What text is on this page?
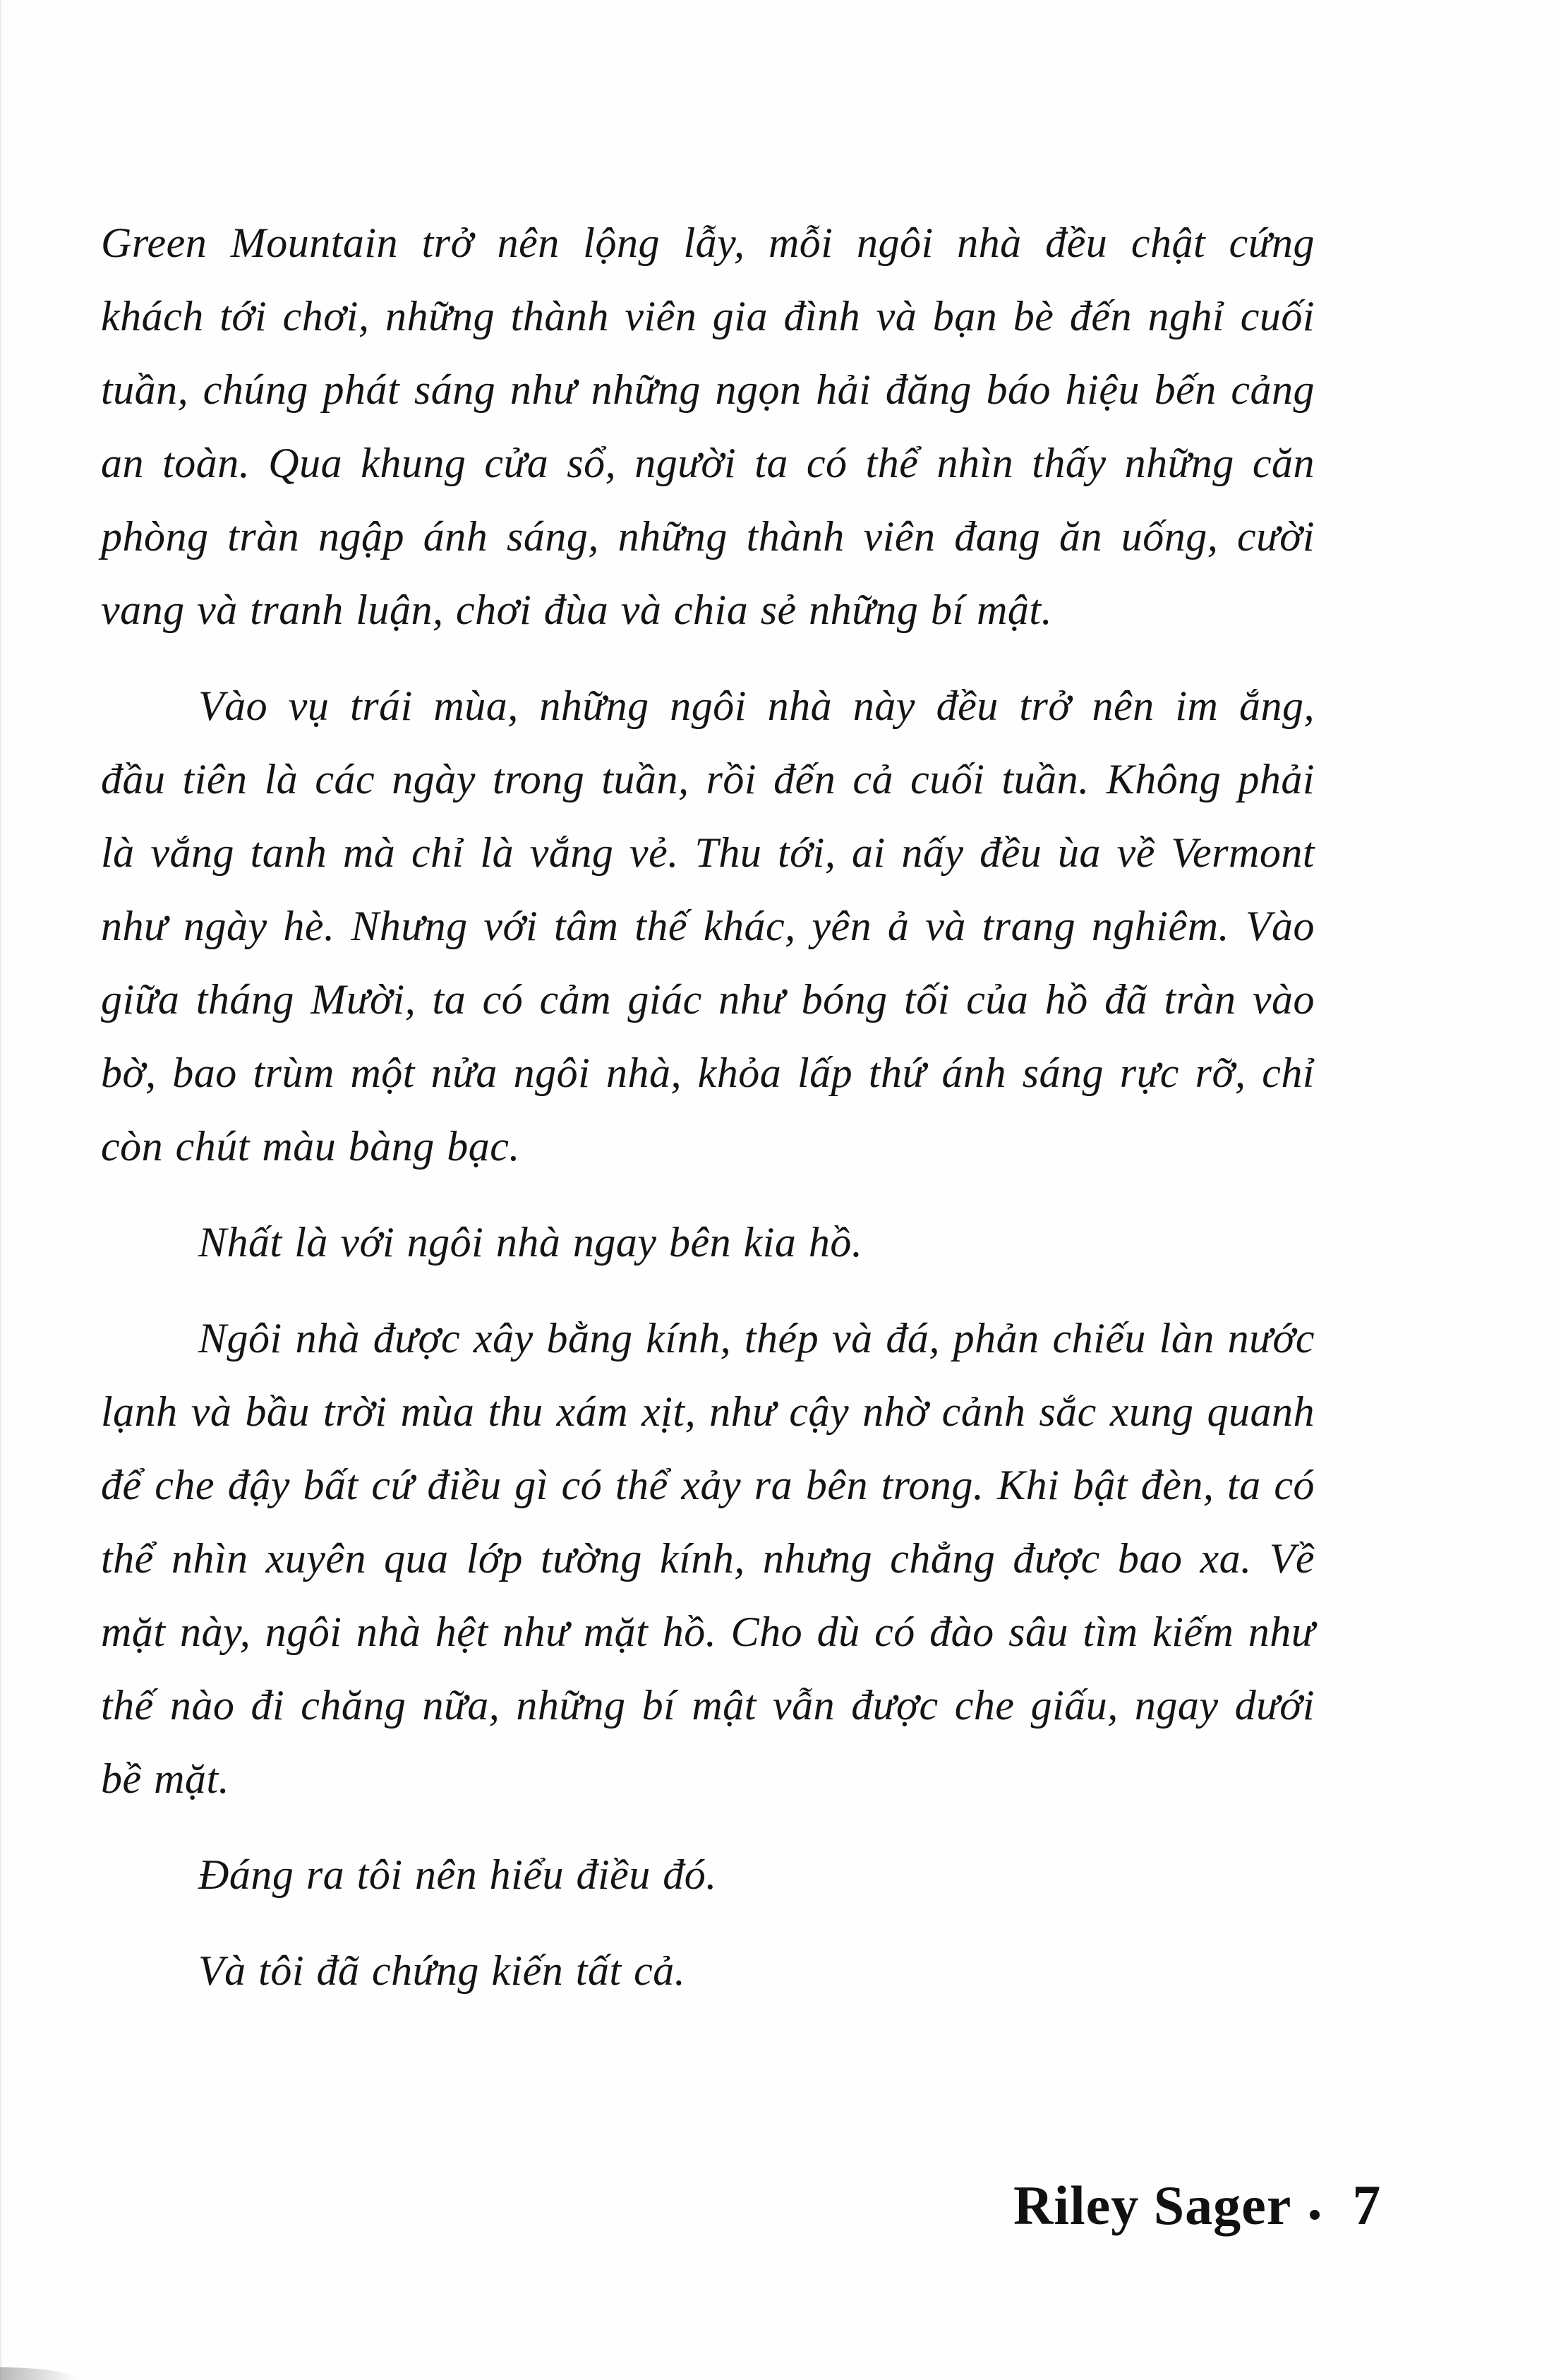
Green Mountain trở nên lộng lẫy, mỗi ngôi nhà đều chật cứng
khách tới chơi, những thành viên gia đình và bạn bè đến nghỉ cuối
tuần, chúng phát sáng như những ngọn hải đăng báo hiệu bến cảng
an toàn. Qua khung cửa sổ, người ta có thể nhìn thấy những căn
phòng tràn ngập ánh sáng, những thành viên đang ăn uống, cười
vang và tranh luận, chơi đùa và chia sẻ những bí mật.

Vào vụ trái mùa, những ngôi nhà này đều trở nên im ắng,
đầu tiên là các ngày trong tuần, rồi đến cả cuối tuần. Không phải
là vắng tanh mà chỉ là vắng vẻ. Thu tới, ai nấy đều ùa về Vermont
như ngày hè. Nhưng với tâm thế khác, yên ả và trang nghiêm. Vào
giữa tháng Mười, ta có cảm giác như bóng tối của hồ đã tràn vào
bờ, bao trùm một nửa ngôi nhà, khỏa lấp thứ ánh sáng rực rỡ, chỉ
còn chút màu bàng bạc.

Nhất là với ngôi nhà ngay bên kia hồ.

Ngôi nhà được xây bằng kính, thép và đá, phản chiếu làn nước
lạnh và bầu trời mùa thu xám xịt, như cậy nhờ cảnh sắc xung quanh
để che đậy bất cứ điều gì có thể xảy ra bên trong. Khi bật đèn, ta có
thể nhìn xuyên qua lớp tường kính, nhưng chẳng được bao xa. Về
mặt này, ngôi nhà hệt như mặt hồ. Cho dù có đào sâu tìm kiếm như
thế nào đi chăng nữa, những bí mật vẫn được che giấu, ngay dưới
bề mặt.

Đáng ra tôi nên hiểu điều đó.

Và tôi đã chứng kiến tất cả.

Riley Sager 7
